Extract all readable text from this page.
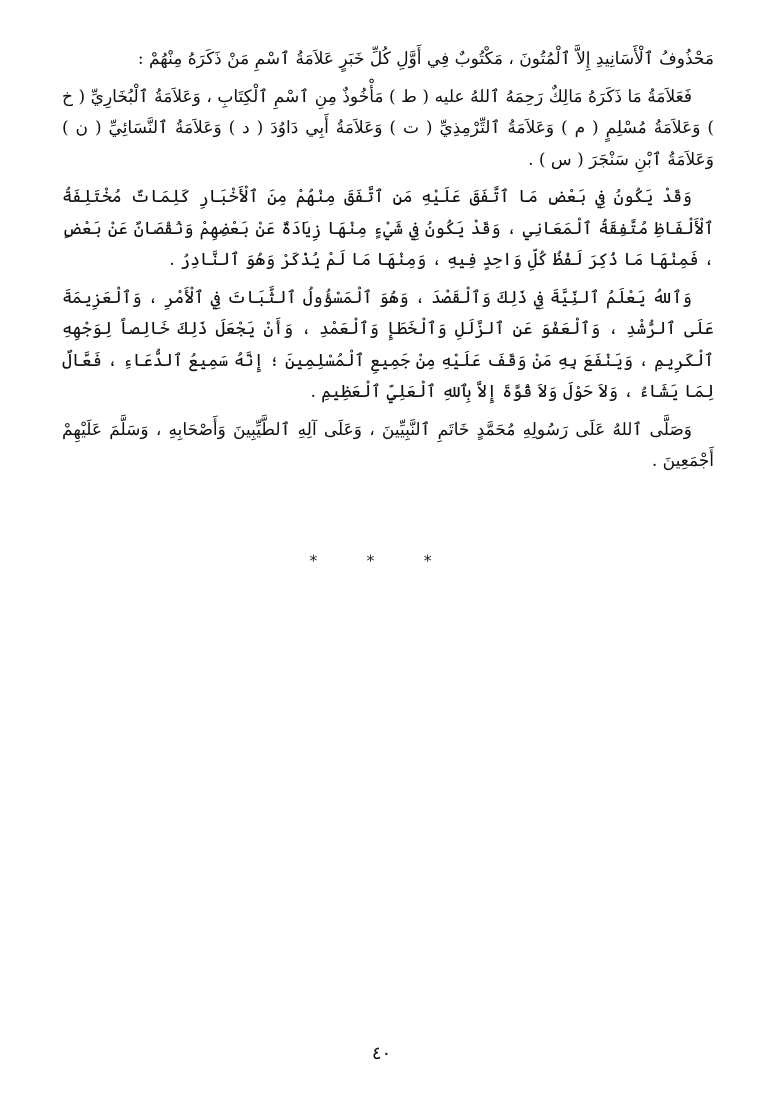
مَحْذُوفُ ٱلْأَسَانِيدِ إِلاَّ ٱلْمُتُونَ ، مَكْتُوبٌ فِي أَوَّلِ كُلِّ خَبَرٍ عَلاَمَةُ ٱسْمِ مَنْ ذَكَرَهُ مِنْهُمْ :

فَعَلاَمَةُ مَا ذَكَرَهُ مَالِكٌ رَحِمَهُ ٱللهُ عليه ( ط ) مَأْخُوذٌ مِنِ ٱسْمِ ٱلْكِتَابِ ، وَعَلاَمَةُ ٱلْبُخَارِيِّ ( خ ) وَعَلاَمَةُ مُسْلِمٍ ( م ) وَعَلاَمَةُ ٱلتِّرْمِذِيِّ ( ت ) وَعَلاَمَةُ أَبِي دَاوُدَ ( د ) وَعَلاَمَةُ ٱلنَّسَائِيِّ ( ن ) وَعَلاَمَةُ ٱبْنِ سَنْجَرَ ( س ) .

وَقَدْ يَكُونُ فِي بَعْضِ مَا ٱتَّفَقَ عَلَيْهِ مَنِ ٱتَّفَقَ مِنْهُمْ مِنَ ٱلْأَخْبَارِ كَلِمَاتٌ مُخْتَلِفَةُ ٱلْأَلْفَاظِ مُتَّفِقَةُ ٱلْمَعَانِي ، وَقَدْ يَكُونُ فِي شَيْءٍ مِنْهَا زِيَادَةٌ عَنْ بَعْضِهِمْ وَنُقْصَانٌ عَنْ بَعْضٍ ، فَمِنْهَا مَا ذُكِرَ لَفْظُ كُلِّ وَاحِدٍ فِيهِ ، وَمِنْهَا مَا لَمْ يُذْكَرْ وَهُوَ ٱلنَّادِرُ .

وَٱللهُ يَعْلَمُ ٱلنِّيَّةَ فِي ذَلِكَ وَٱلْقَصْدَ ، وَهُوَ ٱلْمَسْؤُولُ ٱلثَّبَاتَ فِي ٱلْأَمْرِ ، وَٱلْعَزِيمَةَ عَلَى ٱلرُّشْدِ ، وَٱلْعَفْوَ عَنِ ٱلزَّلَلِ وَٱلْخَطَإِ وَٱلْعَمْدِ ، وَأَنْ يَجْعَلَ ذَلِكَ خَالِصاً لِوَجْهِهِ ٱلْكَرِيمِ ، وَيَنْفَعَ بِهِ مَنْ وَقَفَ عَلَيْهِ مِنْ جَمِيعِ ٱلْمُسْلِمِينَ ؛ إِنَّهُ سَمِيعُ ٱلدُّعَاءِ ، فَعَّالٌ لِمَا يَشَاءُ ، وَلاَ حَوْلَ وَلاَ قُوَّةَ إِلاَّ بِٱللهِ ٱلْعَلِيِّ ٱلْعَظِيمِ .

وَصَلَّى ٱللهُ عَلَى رَسُولِهِ مُحَمَّدٍ خَاتَمِ ٱلنَّبِيِّينَ ، وَعَلَى آلِهِ ٱلطَّيِّبِينَ وَأَصْحَابِهِ ، وَسَلَّمَ عَلَيْهِمْ أَجْمَعِينَ .

* * *
٤٠
